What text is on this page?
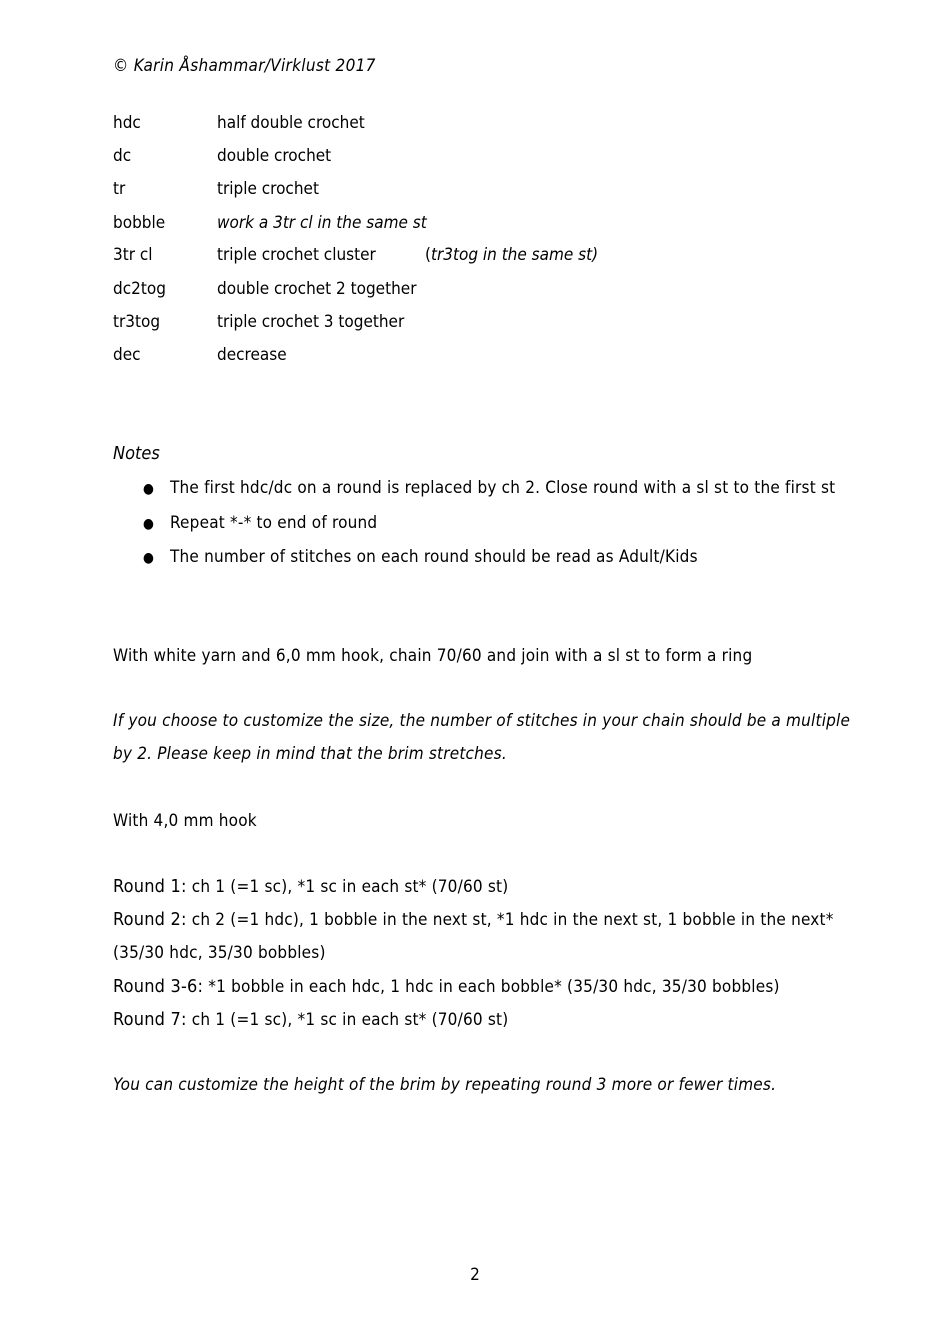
© Karin Åshammar/Virklust 2017
hdc	half double crochet
dc	double crochet
tr	triple crochet
bobble	work a 3tr cl in the same st
3tr cl	triple crochet cluster	(tr3tog in the same st)
dc2tog	double crochet 2 together
tr3tog	triple crochet 3 together
dec	decrease
Notes
● The first hdc/dc on a round is replaced by ch 2. Close round with a sl st to the first st
● Repeat *-* to end of round
● The number of stitches on each round should be read as Adult/Kids
With white yarn and 6,0 mm hook, chain 70/60 and join with a sl st to form a ring
If you choose to customize the size, the number of stitches in your chain should be a multiple
by 2. Please keep in mind that the brim stretches.
With 4,0 mm hook
Round 1: ch 1 (=1 sc), *1 sc in each st* (70/60 st)
Round 2: ch 2 (=1 hdc), 1 bobble in the next st, *1 hdc in the next st, 1 bobble in the next*
(35/30 hdc, 35/30 bobbles)
Round 3-6: *1 bobble in each hdc, 1 hdc in each bobble* (35/30 hdc, 35/30 bobbles)
Round 7: ch 1 (=1 sc), *1 sc in each st* (70/60 st)
You can customize the height of the brim by repeating round 3 more or fewer times.
2
